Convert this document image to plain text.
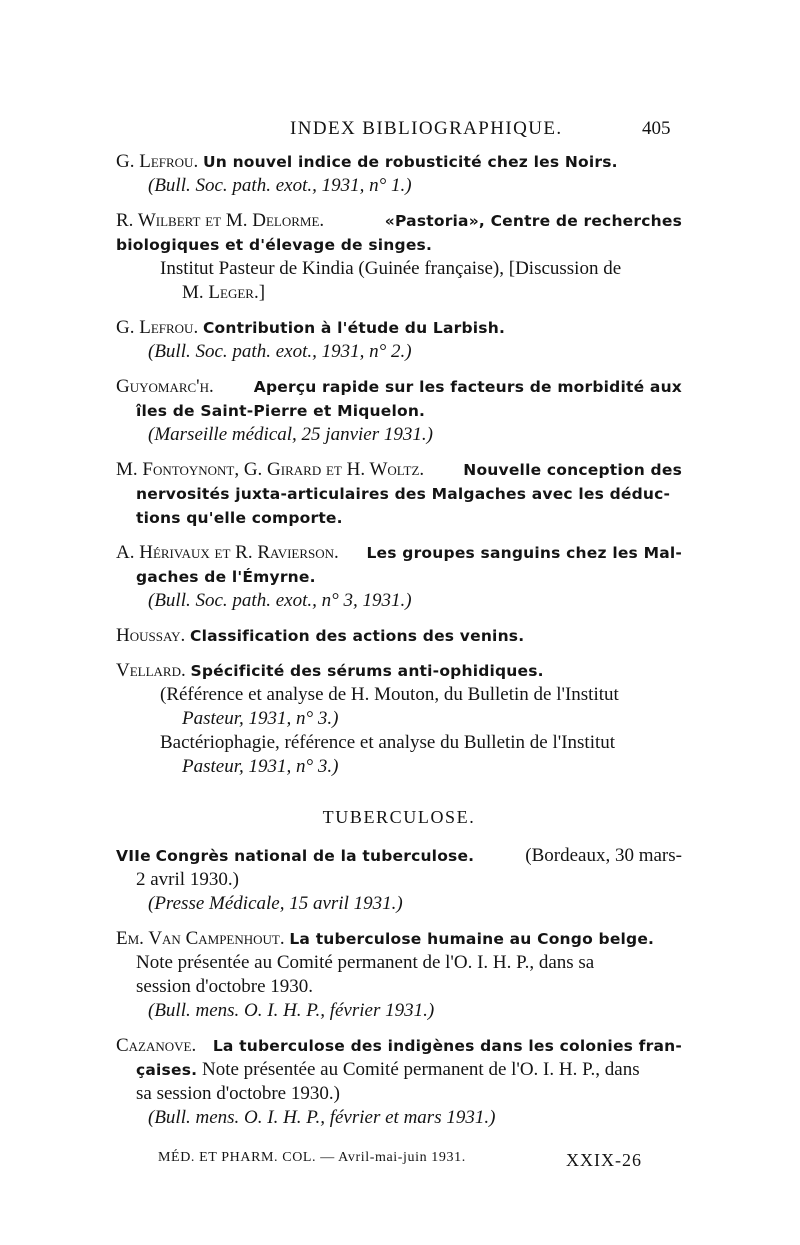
INDEX BIBLIOGRAPHIQUE.	405
G. Lefrou. Un nouvel indice de robusticité chez les Noirs.
(Bull. Soc. path. exot., 1931, n° 1.)
R. Wilbert et M. Delorme.	«Pastoria», Centre de recherches
biologiques et d'élevage de singes.
Institut Pasteur de Kindia (Guinée française), [Discussion de
M. Leger.]
G. Lefrou. Contribution à l'étude du Larbish.
(Bull. Soc. path. exot., 1931, n° 2.)
Guyomarc'h.	Aperçu rapide sur les facteurs de morbidité aux
îles de Saint-Pierre et Miquelon.
(Marseille médical, 25 janvier 1931.)
M. Fontoynont, G. Girard et H. Woltz.	Nouvelle conception des
nervosités juxta-articulaires des Malgaches avec les déduc-
tions qu'elle comporte.
A. Hérivaux et R. Ravierson. Les groupes sanguins chez les Mal-
gaches de l'Émyrne.
(Bull. Soc. path. exot., n° 3, 1931.)
Houssay. Classification des actions des venins.
Vellard. Spécificité des sérums anti-ophidiques.
(Référence et analyse de H. Mouton, du Bulletin de l'Institut
Pasteur, 1931, n° 3.)
Bactériophagie, référence et analyse du Bulletin de l'Institut
Pasteur, 1931, n° 3.)
TUBERCULOSE.
VIIe Congrès national de la tuberculose.	(Bordeaux, 30 mars-
2 avril 1930.)
(Presse Médicale, 15 avril 1931.)
Em. Van Campenhout. La tuberculose humaine au Congo belge.
Note présentée au Comité permanent de l'O. I. H. P., dans sa
session d'octobre 1930.
(Bull. mens. O. I. H. P., février 1931.)
Cazanove. La tuberculose des indigènes dans les colonies fran-
çaises. Note présentée au Comité permanent de l'O. I. H. P., dans
sa session d'octobre 1930.)
(Bull. mens. O. I. H. P., février et mars 1931.)
MÉD. ET PHARM. COL. — Avril-mai-juin 1931.	XXIX-26
